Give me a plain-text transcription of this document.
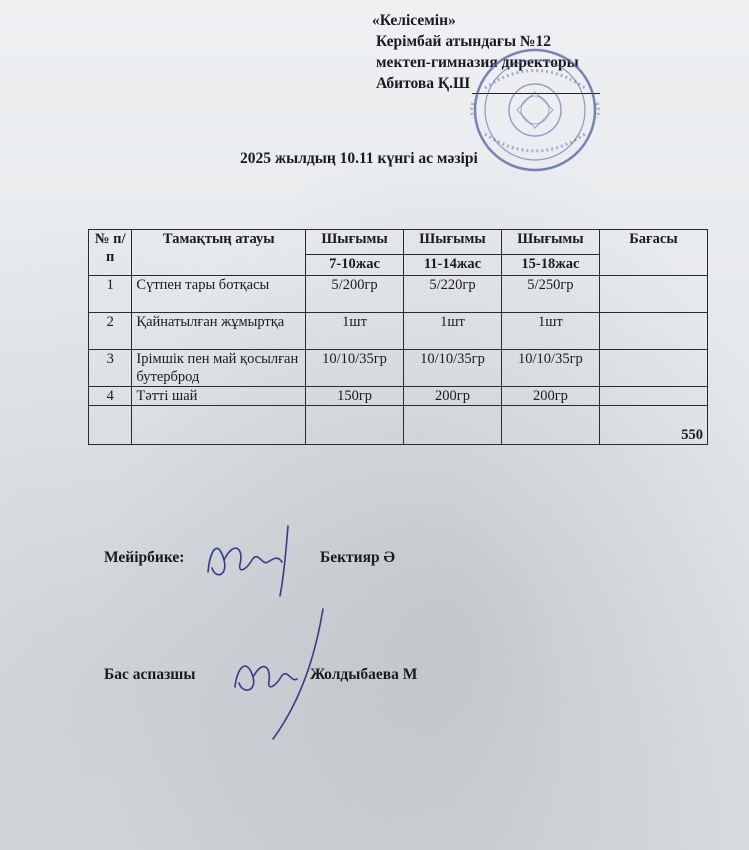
«Келісемін»
Керімбай атындағы №12
мектеп-гимназия директоры
Абитова Қ.Ш
2025 жылдың 10.11 күнгі ас мәзірі
№ п/п	Тамақтың атауы	Шығымы	Шығымы	Шығымы	Бағасы
		7-10жас	11-14жас	15-18жас	
1	Сүтпен тары ботқасы	5/200гр	5/220гр	5/250гр	
2	Қайнатылған жұмыртқа	1шт	1шт	1шт	
3	Ірімшік пен май қосылған бутерброд	10/10/35гр	10/10/35гр	10/10/35гр	
4	Тәтті шай	150гр	200гр	200гр	
					550
Мейірбике:	Бектияр Ә
Бас аспазшы	Жолдыбаева М
